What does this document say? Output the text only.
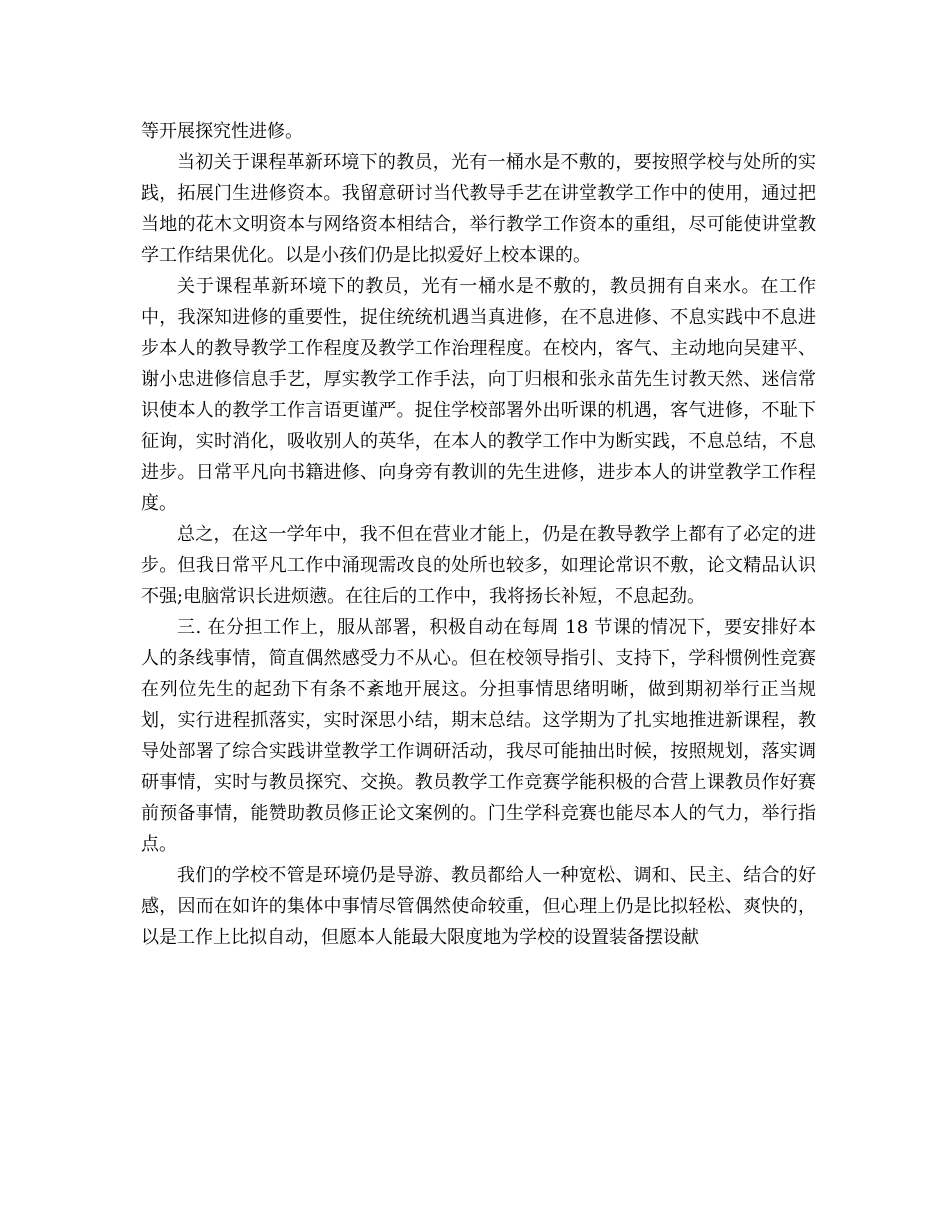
等开展探究性进修。

当初关于课程革新环境下的教员，光有一桶水是不敷的，要按照学校与处所的实践，拓展门生进修资本。我留意研讨当代教导手艺在讲堂教学工作中的使用，通过把当地的花木文明资本与网络资本相结合，举行教学工作资本的重组，尽可能使讲堂教学工作结果优化。以是小孩们仍是比拟爱好上校本课的。

关于课程革新环境下的教员，光有一桶水是不敷的，教员拥有自来水。在工作中，我深知进修的重要性，捉住统统机遇当真进修，在不息进修、不息实践中不息进步本人的教导教学工作程度及教学工作治理程度。在校内，客气、主动地向吴建平、谢小忠进修信息手艺，厚实教学工作手法，向丁归根和张永苗先生讨教天然、迷信常识使本人的教学工作言语更谨严。捉住学校部署外出听课的机遇，客气进修，不耻下征询，实时消化，吸收别人的英华，在本人的教学工作中为断实践，不息总结，不息进步。日常平凡向书籍进修、向身旁有教训的先生进修，进步本人的讲堂教学工作程度。

总之，在这一学年中，我不但在营业才能上，仍是在教导教学上都有了必定的进步。但我日常平凡工作中涌现需改良的处所也较多，如理论常识不敷，论文精品认识不强;电脑常识长进烦懑。在往后的工作中，我将扬长补短，不息起劲。

三. 在分担工作上，服从部署，积极自动在每周 18 节课的情况下，要安排好本人的条线事情，简直偶然感受力不从心。但在校领导指引、支持下，学科惯例性竞赛在列位先生的起劲下有条不紊地开展这。分担事情思绪明晰，做到期初举行正当规划，实行进程抓落实，实时深思小结，期末总结。这学期为了扎实地推进新课程，教导处部署了综合实践讲堂教学工作调研活动，我尽可能抽出时候，按照规划，落实调研事情，实时与教员探究、交换。教员教学工作竞赛学能积极的合营上课教员作好赛前预备事情，能赞助教员修正论文案例的。门生学科竞赛也能尽本人的气力，举行指点。

我们的学校不管是环境仍是导游、教员都给人一种宽松、调和、民主、结合的好感，因而在如许的集体中事情尽管偶然使命较重，但心理上仍是比拟轻松、爽快的，以是工作上比拟自动，但愿本人能最大限度地为学校的设置装备摆设献
